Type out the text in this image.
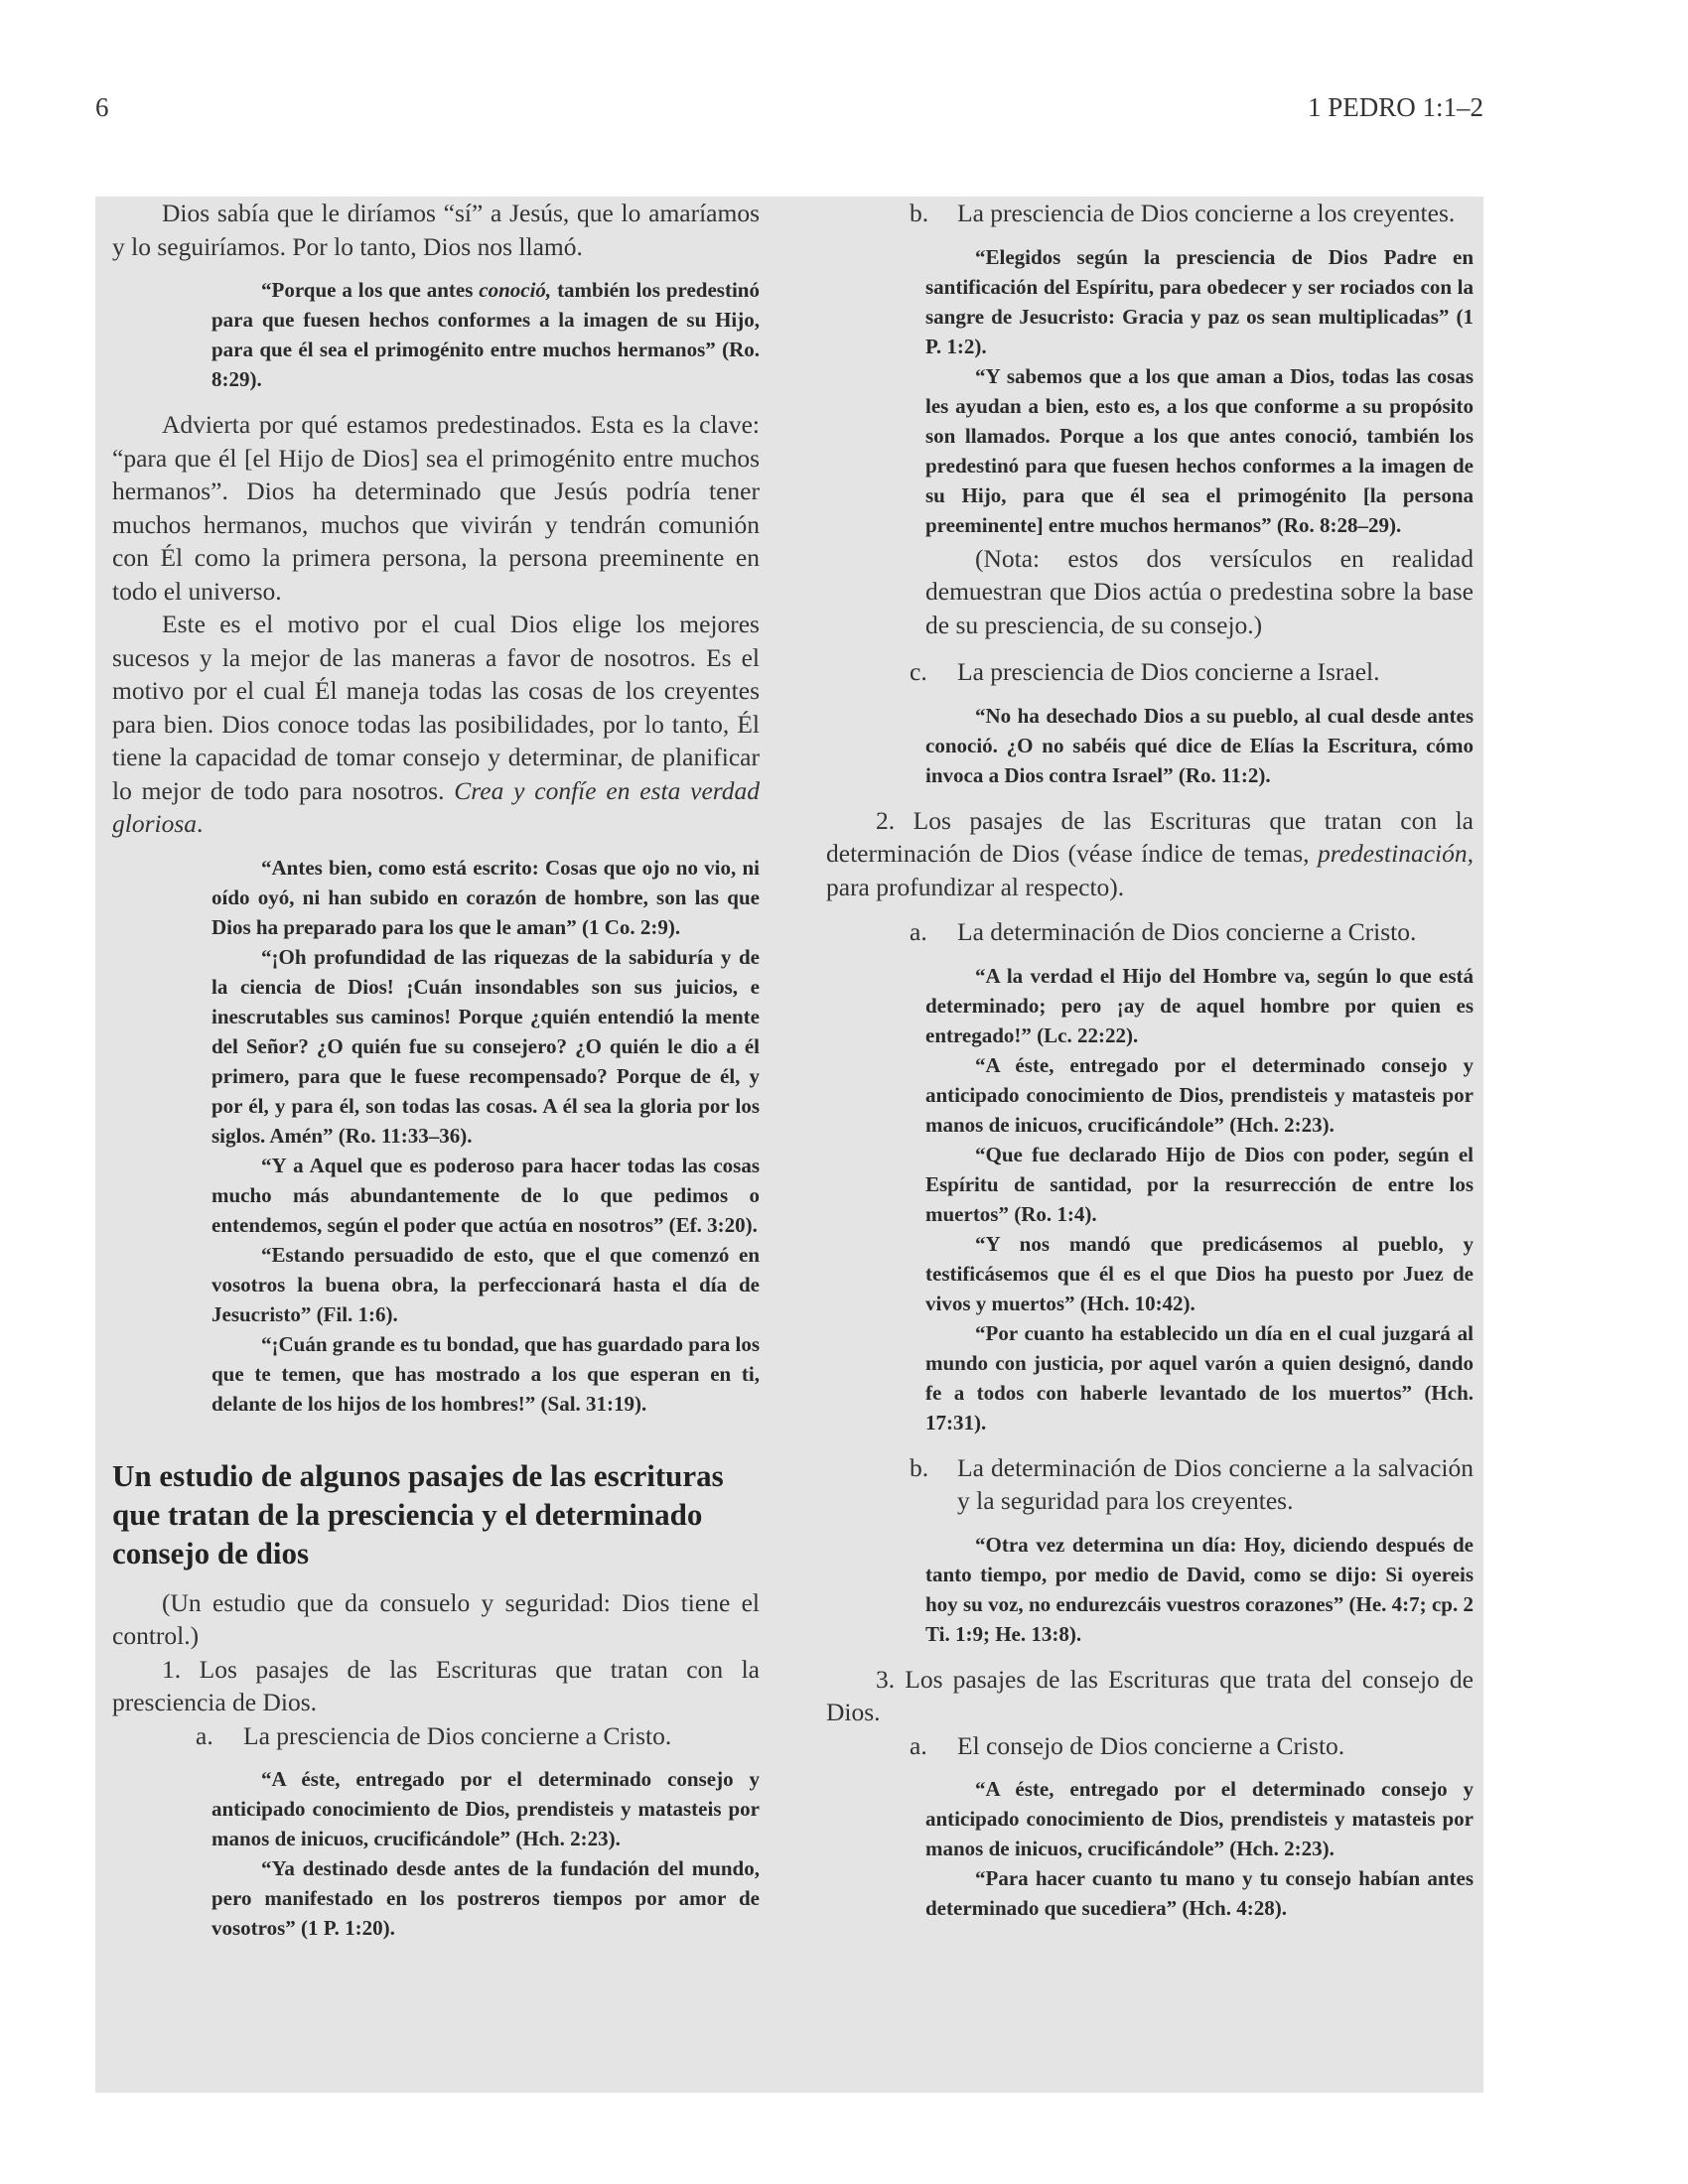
6	1 PEDRO 1:1–2

Dios sabía que le diríamos “sí” a Jesús, que lo amaríamos y lo seguiríamos. Por lo tanto, Dios nos llamó.

“Porque a los que antes conoció, también los predestinó para que fuesen hechos conformes a la imagen de su Hijo, para que él sea el primogénito entre muchos hermanos” (Ro. 8:29).

Advierta por qué estamos predestinados. Esta es la clave: “para que él [el Hijo de Dios] sea el primogénito entre muchos hermanos”. Dios ha determinado que Jesús podría tener muchos hermanos, muchos que vivirán y tendrán comunión con Él como la primera persona, la persona preeminente en todo el universo.

Este es el motivo por el cual Dios elige los mejores sucesos y la mejor de las maneras a favor de nosotros. Es el motivo por el cual Él maneja todas las cosas de los creyentes para bien. Dios conoce todas las posibilidades, por lo tanto, Él tiene la capacidad de tomar consejo y determinar, de planificar lo mejor de todo para nosotros. Crea y confíe en esta verdad gloriosa.

“Antes bien, como está escrito: Cosas que ojo no vio, ni oído oyó, ni han subido en corazón de hombre, son las que Dios ha preparado para los que le aman” (1 Co. 2:9).

“¡Oh profundidad de las riquezas de la sabiduría y de la ciencia de Dios! ¡Cuán insondables son sus juicios, e inescrutables sus caminos! Porque ¿quién entendió la mente del Señor? ¿O quién fue su consejero? ¿O quién le dio a él primero, para que le fuese recompensado? Porque de él, y por él, y para él, son todas las cosas. A él sea la gloria por los siglos. Amén” (Ro. 11:33–36).

“Y a Aquel que es poderoso para hacer todas las cosas mucho más abundantemente de lo que pedimos o entendemos, según el poder que actúa en nosotros” (Ef. 3:20).

“Estando persuadido de esto, que el que comenzó en vosotros la buena obra, la perfeccionará hasta el día de Jesucristo” (Fil. 1:6).

“¡Cuán grande es tu bondad, que has guardado para los que te temen, que has mostrado a los que esperan en ti, delante de los hijos de los hombres!” (Sal. 31:19).

Un estudio de algunos pasajes de las escrituras que tratan de la presciencia y el determinado consejo de dios

(Un estudio que da consuelo y seguridad: Dios tiene el control.)

1. Los pasajes de las Escrituras que tratan con la presciencia de Dios.

a.	La presciencia de Dios concierne a Cristo.

“A éste, entregado por el determinado consejo y anticipado conocimiento de Dios, prendisteis y matasteis por manos de inicuos, crucificándole” (Hch. 2:23).

“Ya destinado desde antes de la fundación del mundo, pero manifestado en los postreros tiempos por amor de vosotros” (1 P. 1:20).

b.	La presciencia de Dios concierne a los creyentes.

“Elegidos según la presciencia de Dios Padre en santificación del Espíritu, para obedecer y ser rociados con la sangre de Jesucristo: Gracia y paz os sean multiplicadas” (1 P. 1:2).

“Y sabemos que a los que aman a Dios, todas las cosas les ayudan a bien, esto es, a los que conforme a su propósito son llamados. Porque a los que antes conoció, también los predestinó para que fuesen hechos conformes a la imagen de su Hijo, para que él sea el primogénito [la persona preeminente] entre muchos hermanos” (Ro. 8:28–29).

(Nota: estos dos versículos en realidad demuestran que Dios actúa o predestina sobre la base de su presciencia, de su consejo.)

c.	La presciencia de Dios concierne a Israel.

“No ha desechado Dios a su pueblo, al cual desde antes conoció. ¿O no sabéis qué dice de Elías la Escritura, cómo invoca a Dios contra Israel” (Ro. 11:2).

2. Los pasajes de las Escrituras que tratan con la determinación de Dios (véase índice de temas, predestinación, para profundizar al respecto).

a.	La determinación de Dios concierne a Cristo.

“A la verdad el Hijo del Hombre va, según lo que está determinado; pero ¡ay de aquel hombre por quien es entregado!” (Lc. 22:22).

“A éste, entregado por el determinado consejo y anticipado conocimiento de Dios, prendisteis y matasteis por manos de inicuos, crucificándole” (Hch. 2:23).

“Que fue declarado Hijo de Dios con poder, según el Espíritu de santidad, por la resurrección de entre los muertos” (Ro. 1:4).

“Y nos mandó que predicásemos al pueblo, y testificásemos que él es el que Dios ha puesto por Juez de vivos y muertos” (Hch. 10:42).

“Por cuanto ha establecido un día en el cual juzgará al mundo con justicia, por aquel varón a quien designó, dando fe a todos con haberle levantado de los muertos” (Hch. 17:31).

b.	La determinación de Dios concierne a la salvación y la seguridad para los creyentes.

“Otra vez determina un día: Hoy, diciendo después de tanto tiempo, por medio de David, como se dijo: Si oyereis hoy su voz, no endurezcáis vuestros corazones” (He. 4:7; cp. 2 Ti. 1:9; He. 13:8).

3. Los pasajes de las Escrituras que trata del consejo de Dios.

a.	El consejo de Dios concierne a Cristo.

“A éste, entregado por el determinado consejo y anticipado conocimiento de Dios, prendisteis y matasteis por manos de inicuos, crucificándole” (Hch. 2:23).

“Para hacer cuanto tu mano y tu consejo habían antes determinado que sucediera” (Hch. 4:28).
